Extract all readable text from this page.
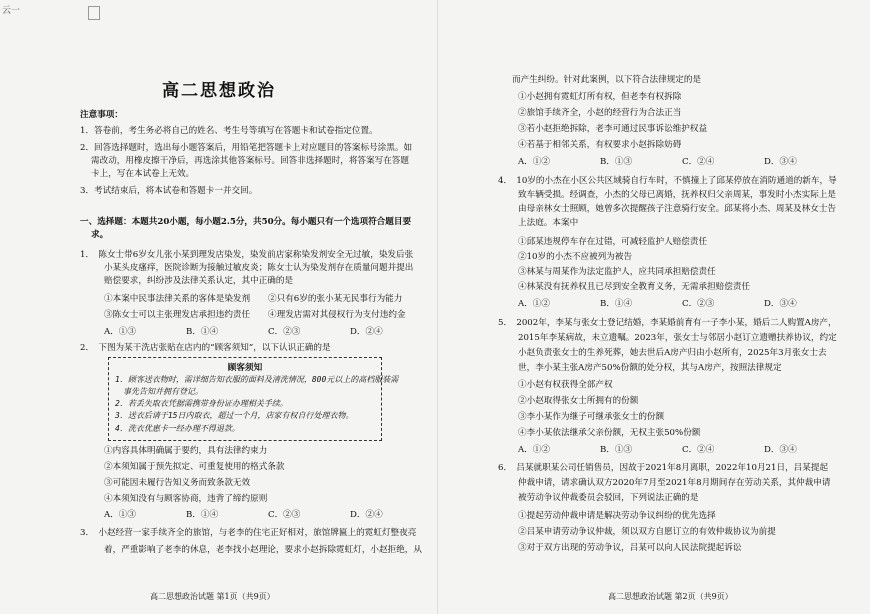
云一
高二思想政治
注意事项：
1．答卷前，考生务必将自己的姓名、考生号等填写在答题卡和试卷指定位置。
2．回答选择题时，选出每小题答案后，用铅笔把答题卡上对应题目的答案标号涂黑。如
需改动，用橡皮擦干净后，再选涂其他答案标号。回答非选择题时，将答案写在答题
卡上，写在本试卷上无效。
3．考试结束后，将本试卷和答题卡一并交回。
一、选择题：本题共20小题，每小题2.5分，共50分。每小题只有一个选项符合题目要
求。
1．　陈女士带6岁女儿张小某到理发店染发，染发前店家称染发剂安全无过敏，染发后张
小某头皮瘙痒，医院诊断为接触过敏皮炎；陈女士认为染发剂存在质量问题并提出
赔偿要求，纠纷涉及法律关系认定，其中正确的是
①本案中民事法律关系的客体是染发剂 ②只有6岁的张小某无民事行为能力
③陈女士可以主张理发店承担违约责任 ④理发店需对其侵权行为支付违约金
A．①③	B．①④	C．②③	D．②④
2．　下图为某干洗店张贴在店内的“顾客须知”，以下认识正确的是
顾客须知
1．顾客送衣物时，需详细告知衣服的面料及清洗情况，800元以上的高档服装需
　事先告知并拥有登记。
2．若丢失取衣凭据需携带身份证办理相关手续。
3．送衣后请于15日内取衣，超过一个月，店家有权自行处理衣物。
4．洗衣优惠卡一经办理不得退款。
①内容具体明确属于要约，具有法律约束力
②本须知属于预先拟定、可重复使用的格式条款
③可能因未履行告知义务而致条款无效
④本须知没有与顾客协商，违背了缔约原则
A．①③	B．①④	C．②③	D．②④
3．　小赵经营一家手续齐全的旅馆，与老李的住宅正好相对，旅馆牌匾上的霓虹灯整夜亮
着，严重影响了老李的休息，老李找小赵理论，要求小赵拆除霓虹灯，小赵拒绝，从
高二思想政治试题 第1页（共9页）
而产生纠纷。针对此案例，以下符合法律规定的是
①小赵拥有霓虹灯所有权，但老李有权拆除
②旅馆手续齐全，小赵的经营行为合法正当
③若小赵拒绝拆除，老李可通过民事诉讼维护权益
④若基于相邻关系，有权要求小赵拆除妨碍
A．①②	B．①③	C．②④	D．③④
4．　10岁的小杰在小区公共区域骑自行车时，不慎撞上了邱某停放在消防通道的新车，导
致车辆受损。经调查，小杰的父母已离婚，抚养权归父亲周某，事发时小杰实际上是
由母亲林女士照顾，她曾多次提醒孩子注意骑行安全。邱某将小杰、周某及林女士告
上法庭。本案中
①邱某违规停车存在过错，可减轻监护人赔偿责任
②10岁的小杰不应被列为被告
③林某与周某作为法定监护人，应共同承担赔偿责任
④林某没有抚养权且已尽到安全教育义务，无需承担赔偿责任
A．①②	B．①④	C．②③	D．③④
5．　2002年，李某与张女士登记结婚，李某婚前育有一子李小某，婚后二人购置A房产，
2015年李某病故，未立遗嘱。2023年，张女士与邻居小赵订立遗赠扶养协议，约定
小赵负责张女士的生养死葬，她去世后A房产归由小赵所有，2025年3月张女士去
世，李小某主张A房产50%份额的处分权，其与A房产，按照法律规定
①小赵有权获得全部产权
②小赵取得张女士所拥有的份额
③李小某作为继子可继承张女士的份额
④李小某依法继承父亲份额，无权主张50%份额
A．①②	B．①③	C．②④	D．③④
6．　吕某就职某公司任销售员，因故于2021年8月离职，2022年10月21日，吕某提起
仲裁申请，请求确认双方2020年7月至2021年8月期间存在劳动关系，其仲裁申请
被劳动争议仲裁委员会驳回，下列说法正确的是
①提起劳动仲裁申请是解决劳动争议纠纷的优先选择
②吕某申请劳动争议仲裁，须以双方自愿订立的有效仲裁协议为前提
③对于双方出现的劳动争议，吕某可以向人民法院提起诉讼
高二思想政治试题 第2页（共9页）
